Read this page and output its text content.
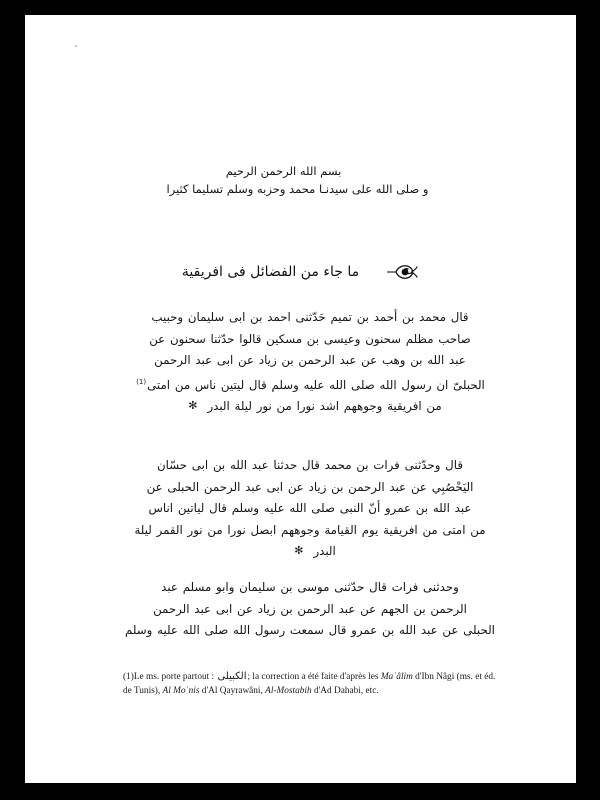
بسم الله الرحمن الرحيم
و صلى الله على سيدنـا محمد وحزبه وسلم تسليما كثيرا
ما جاء من الفضائل فى افريقية
قال محمد بن أحمد بن تميم حَدّثنى احمد بن ابى سليمان وحبيب
صاحب مظلم سحنون وعيسى بن مسكين قالوا حدّثنا سحنون عن
عبد الله بن وهب عن عبد الرحمن بن زياد عن ابى عبد الرحمن
الحبلىّ ان رسول الله صلى الله عليه وسلم قال ليتين ناس من امتى$^{(1)}$
من افريقية وجوههم اشد نورا من نور ليلة البدر✻
قال وحدّثنى فرات بن محمد قال حدثنا عبد الله بن ابى حسّان
اليَحْصُبِي عن عبد الرحمن بن زياد عن ابى عبد الرحمن الحبلى عن
عبد الله بن عمرو أنّ النبى صلى الله عليه وسلم قال لياتين اناس
من امتى من افريقية يوم القيامة وجوههم ابصل نورا من نور القمر ليلة
البدر✻
وحدثنى فرات قال حدّثنى موسى بن سليمان وابو مسلم عبد
الرحمن بن الجهم عن عبد الرحمن بن زياد عن ابى عبد الرحمن
الحبلى عن عبد الله بن عمرو قال سمعت رسول الله صلى الله عليه وسلم
(1)Le ms. porte partout : الكبيلى; la correction a été faite d'après les Maʿâlim d'Ibn Nâgi (ms. et éd. de Tunis), Al Moʿnis d'Al Qayrawâni, Al-Mostabih d'Ad Dahabi, etc.
